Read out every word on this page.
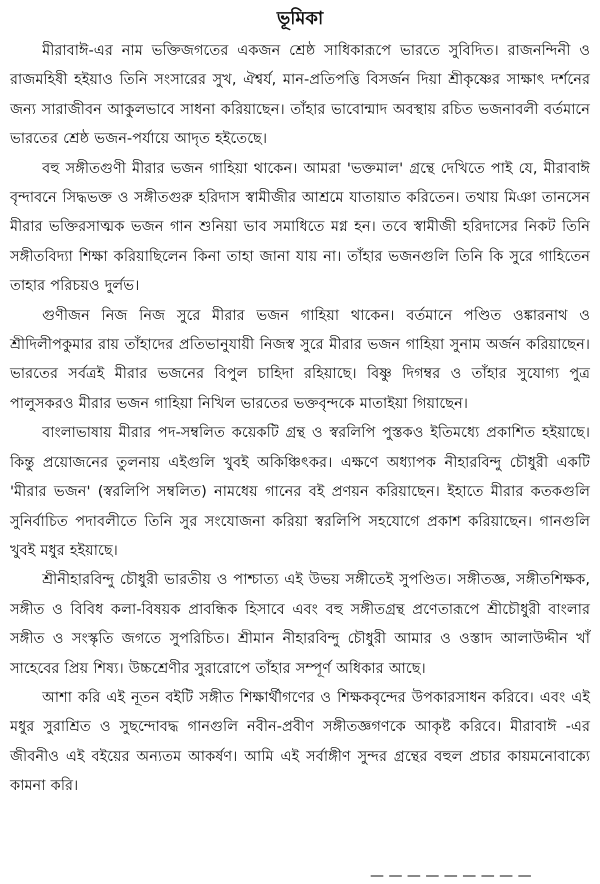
ভূমিকা

মীরাবাঈ-এর নাম ভক্তিজগতের একজন শ্রেষ্ঠ সাধিকারূপে ভারতে সুবিদিত। রাজনন্দিনী ও রাজমহিষী হইয়াও তিনি সংসারের সুখ, ঐশ্বর্য, মান-প্রতিপত্তি বিসর্জন দিয়া শ্রীকৃষ্ণের সাক্ষাৎ দর্শনের জন্য সারাজীবন আকুলভাবে সাধনা করিয়াছেন। তাঁহার ভাবোন্মাদ অবস্থায় রচিত ভজনাবলী বর্তমানে ভারতের শ্রেষ্ঠ ভজন-পর্যায়ে আদৃত হইতেছে।

বহু সঙ্গীতগুণী মীরার ভজন গাহিয়া থাকেন। আমরা 'ভক্তমাল' গ্রন্থে দেখিতে পাই যে, মীরাবাঈ বৃন্দাবনে সিদ্ধভক্ত ও সঙ্গীতগুরু হরিদাস স্বামীজীর আশ্রমে যাতায়াত করিতেন। তথায় মিঞা তানসেন মীরার ভক্তিরসাত্মক ভজন গান শুনিয়া ভাব সমাধিতে মগ্ন হন। তবে স্বামীজী হরিদাসের নিকট তিনি সঙ্গীতবিদ্যা শিক্ষা করিয়াছিলেন কিনা তাহা জানা যায় না। তাঁহার ভজনগুলি তিনি কি সুরে গাহিতেন তাহার পরিচয়ও দুর্লভ।

গুণীজন নিজ নিজ সুরে মীরার ভজন গাহিয়া থাকেন। বর্তমানে পণ্ডিত ওঙ্কারনাথ ও শ্রীদিলীপকুমার রায় তাঁহাদের প্রতিভানুযায়ী নিজস্ব সুরে মীরার ভজন গাহিয়া সুনাম অর্জন করিয়াছেন। ভারতের সর্বত্রই মীরার ভজনের বিপুল চাহিদা রহিয়াছে। বিষ্ণু দিগম্বর ও তাঁহার সুযোগ্য পুত্র পালুসকরও মীরার ভজন গাহিয়া নিখিল ভারতের ভক্তবৃন্দকে মাতাইয়া গিয়াছেন।

বাংলাভাষায় মীরার পদ-সম্বলিত কয়েকটি গ্রন্থ ও স্বরলিপি পুস্তকও ইতিমধ্যে প্রকাশিত হইয়াছে। কিন্তু প্রয়োজনের তুলনায় এইগুলি খুবই অকিঞ্চিৎকর। এক্ষণে অধ্যাপক নীহারবিন্দু চৌধুরী একটি 'মীরার ভজন' (স্বরলিপি সম্বলিত) নামধেয় গানের বই প্রণয়ন করিয়াছেন। ইহাতে মীরার কতকগুলি সুনির্বাচিত পদাবলীতে তিনি সুর সংযোজনা করিয়া স্বরলিপি সহযোগে প্রকাশ করিয়াছেন। গানগুলি খুবই মধুর হইয়াছে।

শ্রীনীহারবিন্দু চৌধুরী ভারতীয় ও পাশ্চাত্য এই উভয় সঙ্গীতেই সুপণ্ডিত। সঙ্গীতজ্ঞ, সঙ্গীতশিক্ষক, সঙ্গীত ও বিবিধ কলা-বিষয়ক প্রাবন্ধিক হিসাবে এবং বহু সঙ্গীতগ্রন্থ প্রণেতারূপে শ্রীচৌধুরী বাংলার সঙ্গীত ও সংস্কৃতি জগতে সুপরিচিত। শ্রীমান নীহারবিন্দু চৌধুরী আমার ও ওস্তাদ আলাউদ্দীন খাঁ সাহেবের প্রিয় শিষ্য। উচ্চশ্রেণীর সুরারোপে তাঁহার সম্পূর্ণ অধিকার আছে।

আশা করি এই নূতন বইটি সঙ্গীত শিক্ষার্থীগণের ও শিক্ষকবৃন্দের উপকারসাধন করিবে। এবং এই মধুর সুরাশ্রিত ও সুছন্দোবদ্ধ গানগুলি নবীন-প্রবীণ সঙ্গীতজ্ঞগণকে আকৃষ্ট করিবে। মীরাবাঈ -এর জীবনীও এই বইয়ের অন্যতম আকর্ষণ। আমি এই সর্বাঙ্গীণ সুন্দর গ্রন্থের বহুল প্রচার কায়মনোবাক্যে কামনা করি।

— — — — — — — — —
